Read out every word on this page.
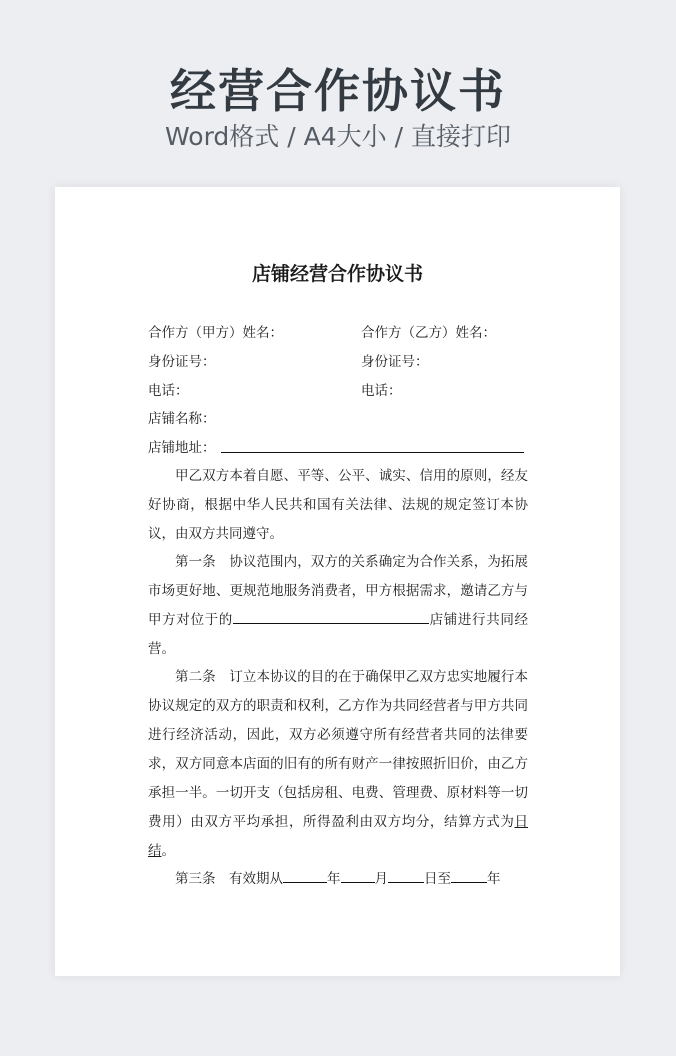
经营合作协议书
Word格式 / A4大小 / 直接打印
店铺经营合作协议书
合作方（甲方）姓名：	合作方（乙方）姓名：
身份证号：	身份证号：
电话：	电话：
店铺名称：
店铺地址：
甲乙双方本着自愿、平等、公平、诚实、信用的原则，经友好协商，根据中华人民共和国有关法律、法规的规定签订本协议，由双方共同遵守。
第一条　协议范围内，双方的关系确定为合作关系，为拓展市场更好地、更规范地服务消费者，甲方根据需求，邀请乙方与甲方对位于的	店铺进行共同经营。
第二条　订立本协议的目的在于确保甲乙双方忠实地履行本协议规定的双方的职责和权利，乙方作为共同经营者与甲方共同进行经济活动，因此，双方必须遵守所有经营者共同的法律要求，双方同意本店面的旧有的所有财产一律按照折旧价，由乙方承担一半。一切开支（包括房租、电费、管理费、原材料等一切费用）由双方平均承担，所得盈利由双方均分，结算方式为日结。
第三条　有效期从	年	月	日至	年
